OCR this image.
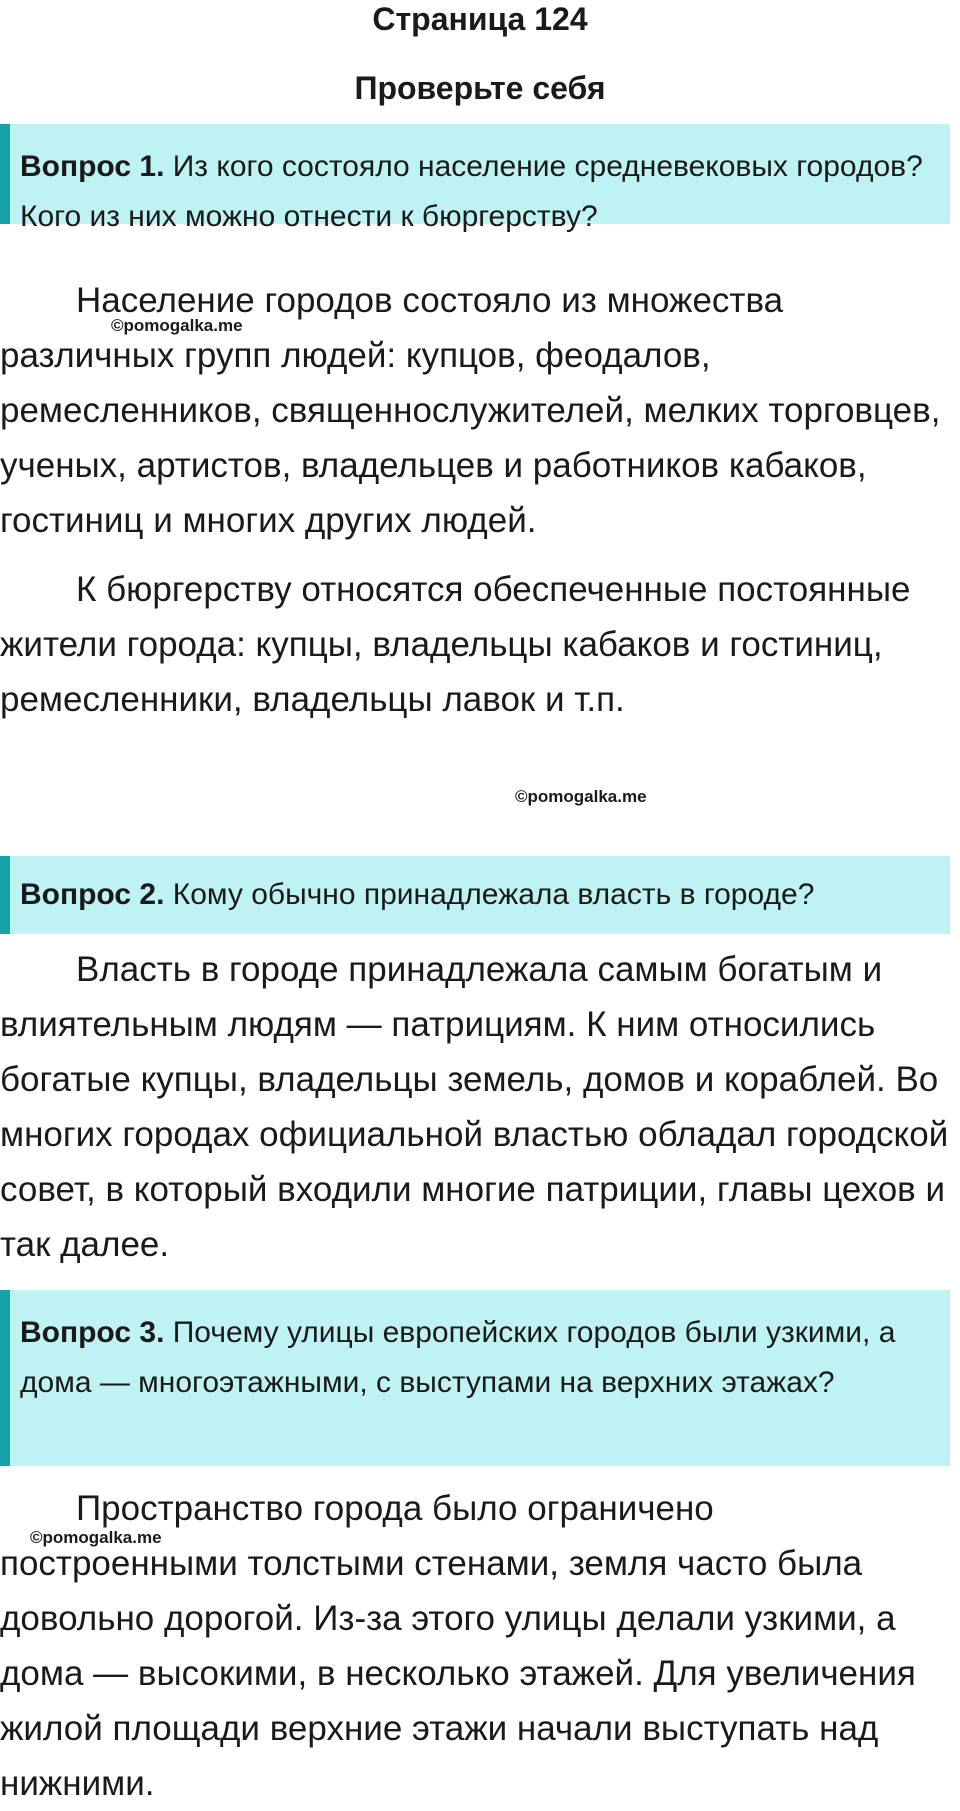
Страница 124
Проверьте себя
Вопрос 1. Из кого состояло население средневековых городов? Кого из них можно отнести к бюргерству?

Население городов состояло из множества различных групп людей: купцов, феодалов, ремесленников, священнослужителей, мелких торговцев, ученых, артистов, владельцев и работников кабаков, гостиниц и многих других людей.

К бюргерству относятся обеспеченные постоянные жители города: купцы, владельцы кабаков и гостиниц, ремесленники, владельцы лавок и т.п.

Вопрос 2. Кому обычно принадлежала власть в городе?

Власть в городе принадлежала самым богатым и влиятельным людям — патрициям. К ним относились богатые купцы, владельцы земель, домов и кораблей. Во многих городах официальной властью обладал городской совет, в который входили многие патриции, главы цехов и так далее.

Вопрос 3. Почему улицы европейских городов были узкими, а дома — многоэтажными, с выступами на верхних этажах?

Пространство города было ограничено построенными толстыми стенами, земля часто была довольно дорогой. Из-за этого улицы делали узкими, а дома — высокими, в несколько этажей. Для увеличения жилой площади верхние этажи начали выступать над нижними.

©pomogalka.me
©pomogalka.me
©pomogalka.me
